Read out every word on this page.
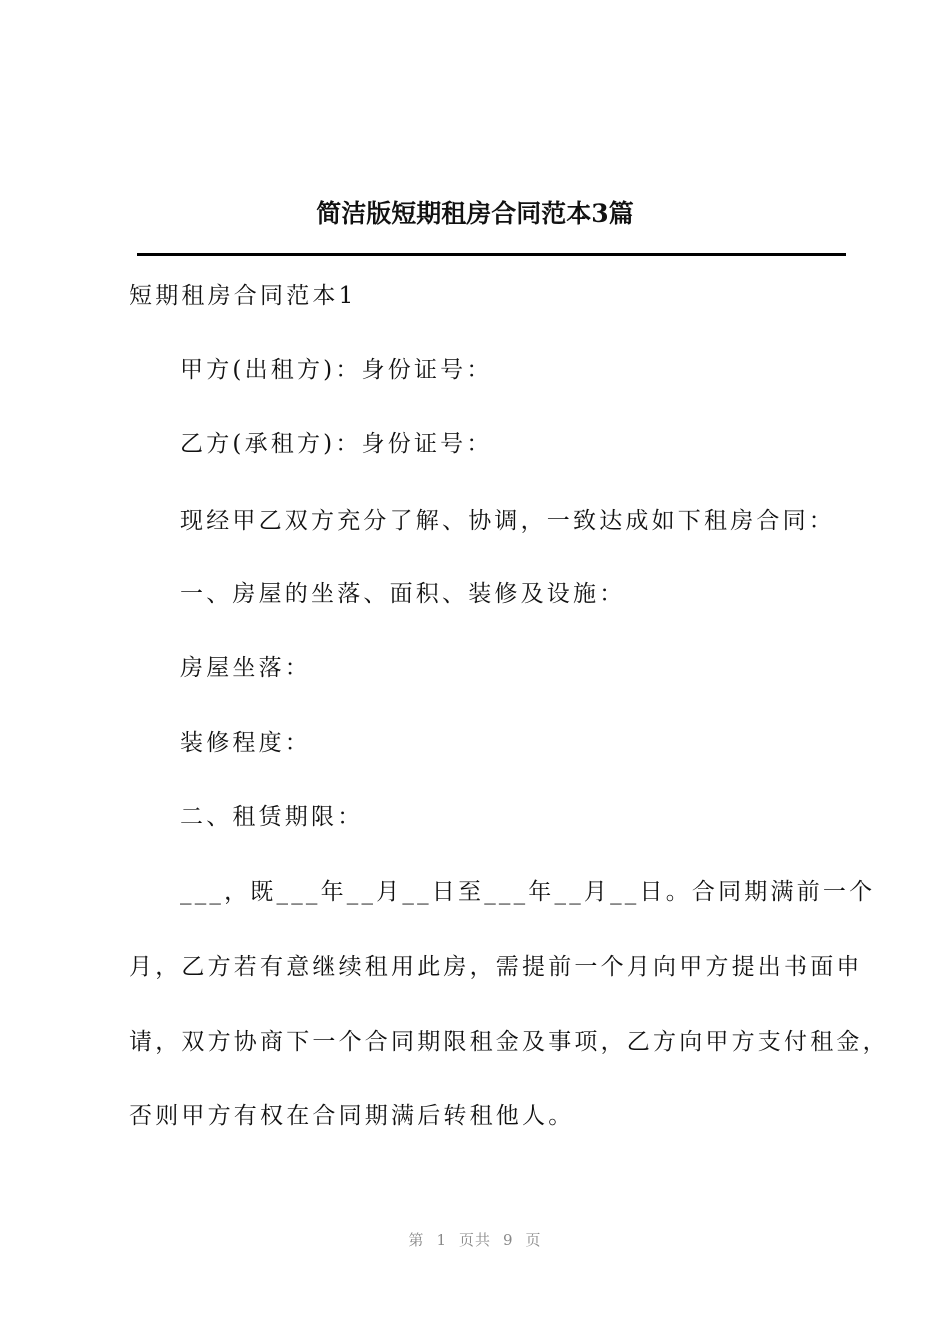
简洁版短期租房合同范本3篇
短期租房合同范本1
甲方(出租方)：身份证号：
乙方(承租方)：身份证号：
现经甲乙双方充分了解、协调，一致达成如下租房合同：
一、房屋的坐落、面积、装修及设施：
房屋坐落：
装修程度：
二、租赁期限：
___，既___年__月__日至___年__月__日。合同期满前一个
月，乙方若有意继续租用此房，需提前一个月向甲方提出书面申
请，双方协商下一个合同期限租金及事项，乙方向甲方支付租金，
否则甲方有权在合同期满后转租他人。
第 1 页共 9 页
